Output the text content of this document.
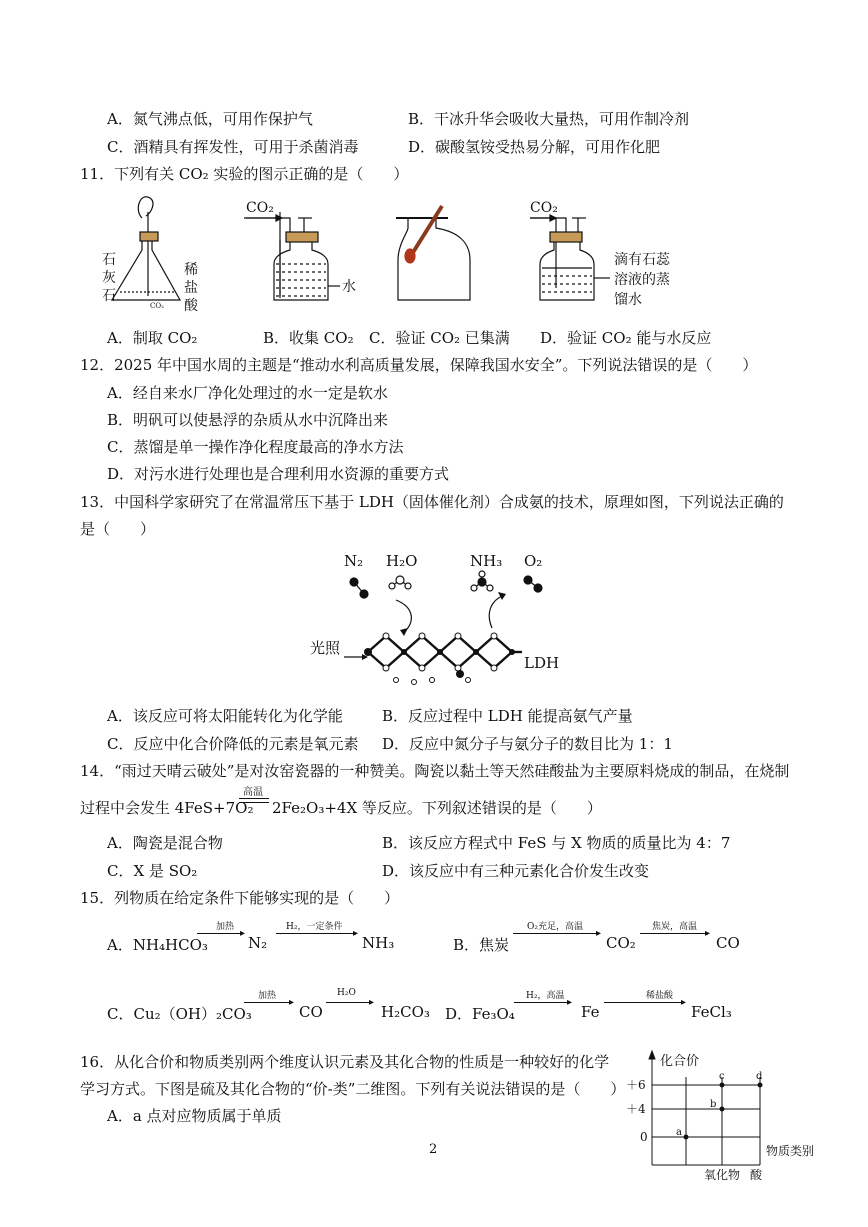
A．氮气沸点低，可用作保护气	B．干冰升华会吸收大量热，可用作制冷剂
C．酒精具有挥发性，可用于杀菌消毒	D．碳酸氢铵受热易分解，可用作化肥
11．下列有关 CO₂ 实验的图示正确的是（　　）
CO₂
石
灰
石
稀
盐
酸
CO₂
水
CO₂
滴有石蕊
溶液的蒸
馏水
A．制取 CO₂	B．收集 CO₂ C．验证 CO₂ 已集满 D．验证 CO₂ 能与水反应
12．2025 年中国水周的主题是“推动水利高质量发展，保障我国水安全”。下列说法错误的是（　　）
A．经自来水厂净化处理过的水一定是软水
B．明矾可以使悬浮的杂质从水中沉降出来
C．蒸馏是单一操作净化程度最高的净水方法
D．对污水进行处理也是合理利用水资源的重要方式
13．中国科学家研究了在常温常压下基于 LDH（固体催化剂）合成氨的技术，原理如图，下列说法正确的
是（　　）
N₂ H₂O	NH₃ O₂
光照
LDH
A．该反应可将太阳能转化为化学能	B．反应过程中 LDH 能提高氨气产量
C．反应中化合价降低的元素是氧元素 D．反应中氮分子与氨分子的数目比为 1：1
14．“雨过天晴云破处”是对汝窑瓷器的一种赞美。陶瓷以黏土等天然硅酸盐为主要原料烧成的制品，在烧制
过程中会发生 4FeS+7O₂
高温
2Fe₂O₃+4X 等反应。下列叙述错误的是（　　）
A．陶瓷是混合物	B．该反应方程式中 FeS 与 X 物质的质量比为 4：7
C．X 是 SO₂	D．该反应中有三种元素化合价发生改变
15．列物质在给定条件下能够实现的是（　　）
A．NH₄HCO₃
加热
▸
N₂
H₂，一定条件
▸
NH₃	B．焦炭
O₂充足，高温
▸
CO₂
焦炭，高温
▸
CO
C．Cu₂（OH）₂CO₃
加热
▸
CO
H₂O
▸
H₂CO₃ D．Fe₃O₄
H₂，高温
▸
Fe
稀盐酸
▸
FeCl₃
16．从化合价和物质类别两个维度认识元素及其化合物的性质是一种较好的化学
学习方式。下图是硫及其化合物的“价-类”二维图。下列有关说法错误的是（　　）
A．a 点对应物质属于单质
化合价
物质类别
＋6
＋4
0
氧化物 酸
a
b
c	d
2
